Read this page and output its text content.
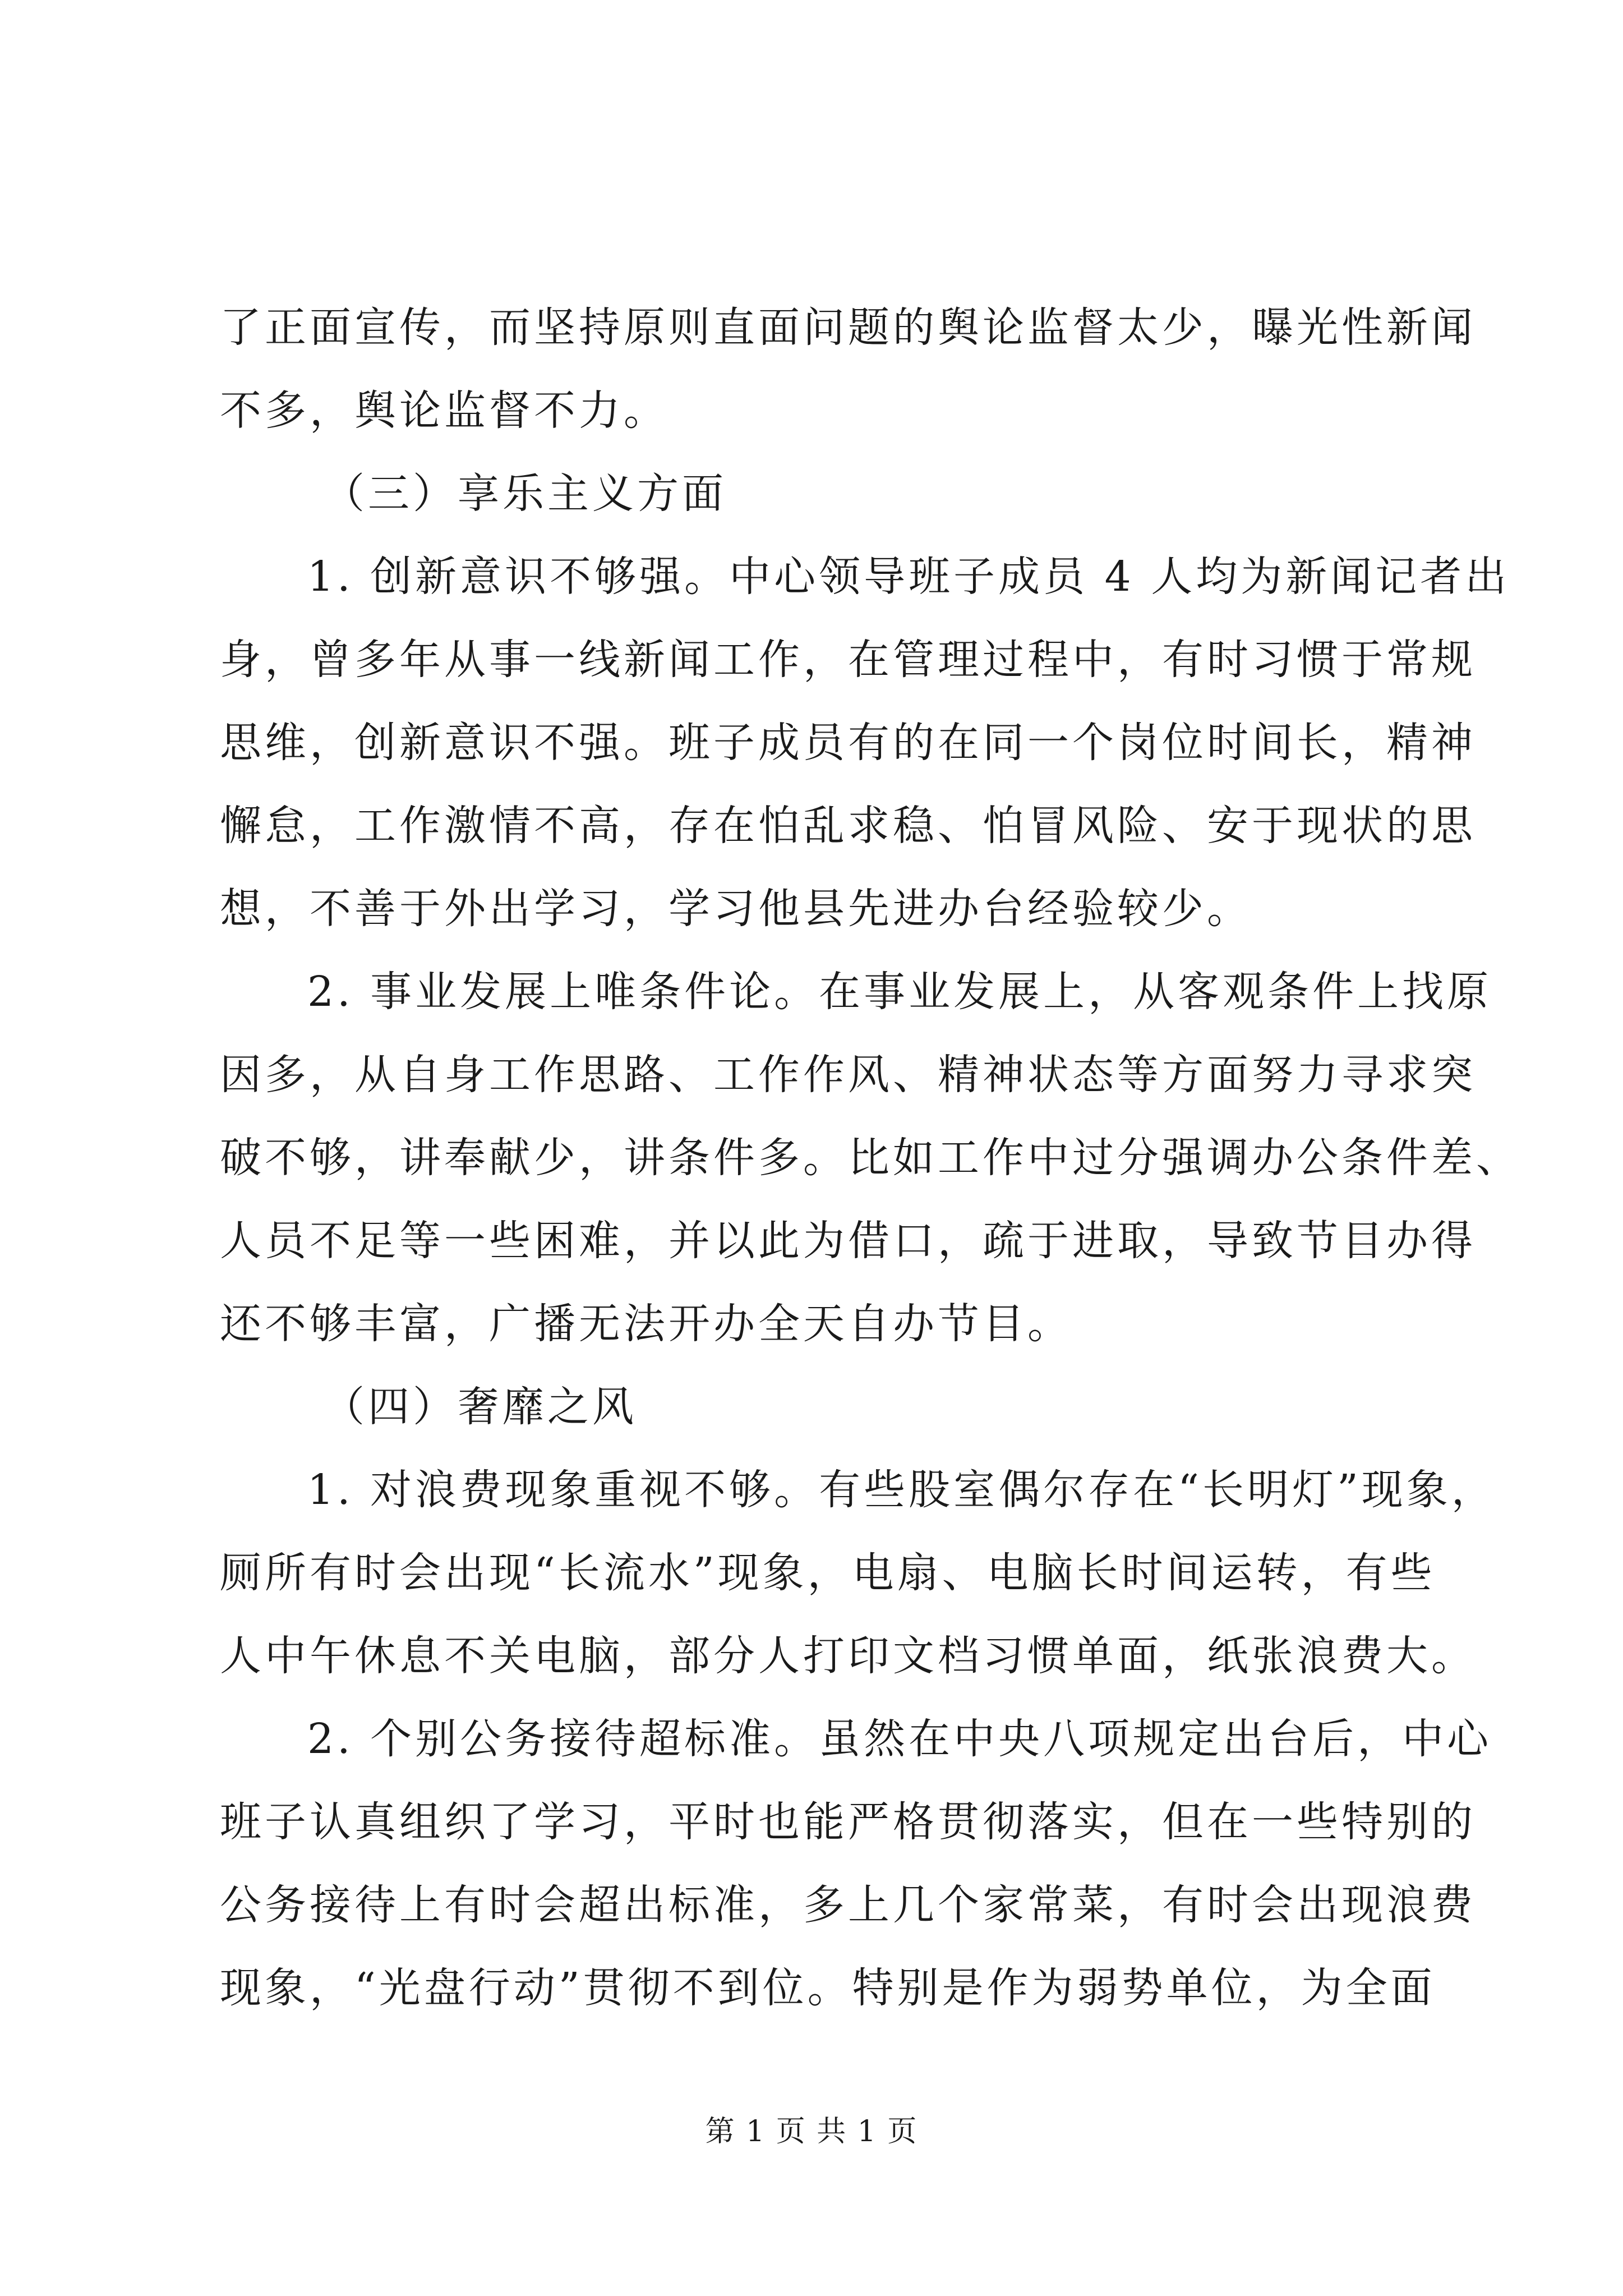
了正面宣传，而坚持原则直面问题的舆论监督太少，曝光性新闻
不多，舆论监督不力。
（三）享乐主义方面
1. 创新意识不够强。中心领导班子成员 4 人均为新闻记者出
身，曾多年从事一线新闻工作，在管理过程中，有时习惯于常规
思维，创新意识不强。班子成员有的在同一个岗位时间长，精神
懈怠，工作激情不高，存在怕乱求稳、怕冒风险、安于现状的思
想，不善于外出学习，学习他县先进办台经验较少。
2. 事业发展上唯条件论。在事业发展上，从客观条件上找原
因多，从自身工作思路、工作作风、精神状态等方面努力寻求突
破不够，讲奉献少，讲条件多。比如工作中过分强调办公条件差、
人员不足等一些困难，并以此为借口，疏于进取，导致节目办得
还不够丰富，广播无法开办全天自办节目。
（四）奢靡之风
1. 对浪费现象重视不够。有些股室偶尔存在“长明灯”现象，
厕所有时会出现“长流水”现象，电扇、电脑长时间运转，有些
人中午休息不关电脑，部分人打印文档习惯单面，纸张浪费大。
2. 个别公务接待超标准。虽然在中央八项规定出台后，中心
班子认真组织了学习，平时也能严格贯彻落实，但在一些特别的
公务接待上有时会超出标准，多上几个家常菜，有时会出现浪费
现象，“光盘行动”贯彻不到位。特别是作为弱势单位，为全面
第 1 页 共 1 页
